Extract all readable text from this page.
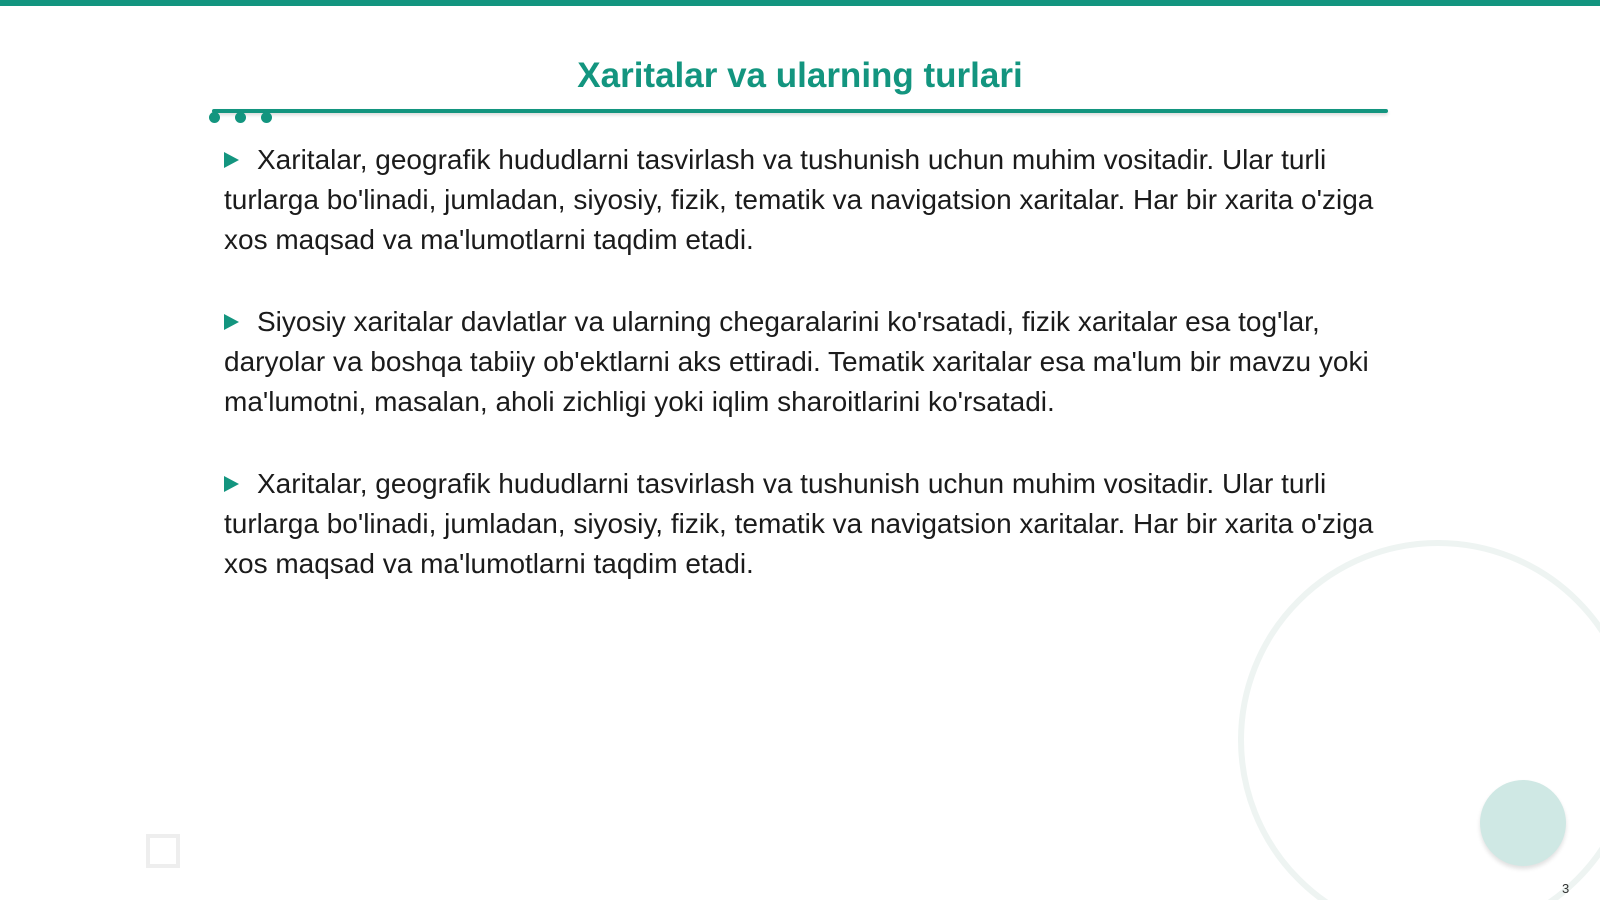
Xaritalar va ularning turlari

Xaritalar, geografik hududlarni tasvirlash va tushunish uchun muhim vositadir. Ular turli turlarga bo'linadi, jumladan, siyosiy, fizik, tematik va navigatsion xaritalar. Har bir xarita o'ziga xos maqsad va ma'lumotlarni taqdim etadi.

Siyosiy xaritalar davlatlar va ularning chegaralarini ko'rsatadi, fizik xaritalar esa tog'lar, daryolar va boshqa tabiiy ob'ektlarni aks ettiradi. Tematik xaritalar esa ma'lum bir mavzu yoki ma'lumotni, masalan, aholi zichligi yoki iqlim sharoitlarini ko'rsatadi.

Xaritalar, geografik hududlarni tasvirlash va tushunish uchun muhim vositadir. Ular turli turlarga bo'linadi, jumladan, siyosiy, fizik, tematik va navigatsion xaritalar. Har bir xarita o'ziga xos maqsad va ma'lumotlarni taqdim etadi.

3
